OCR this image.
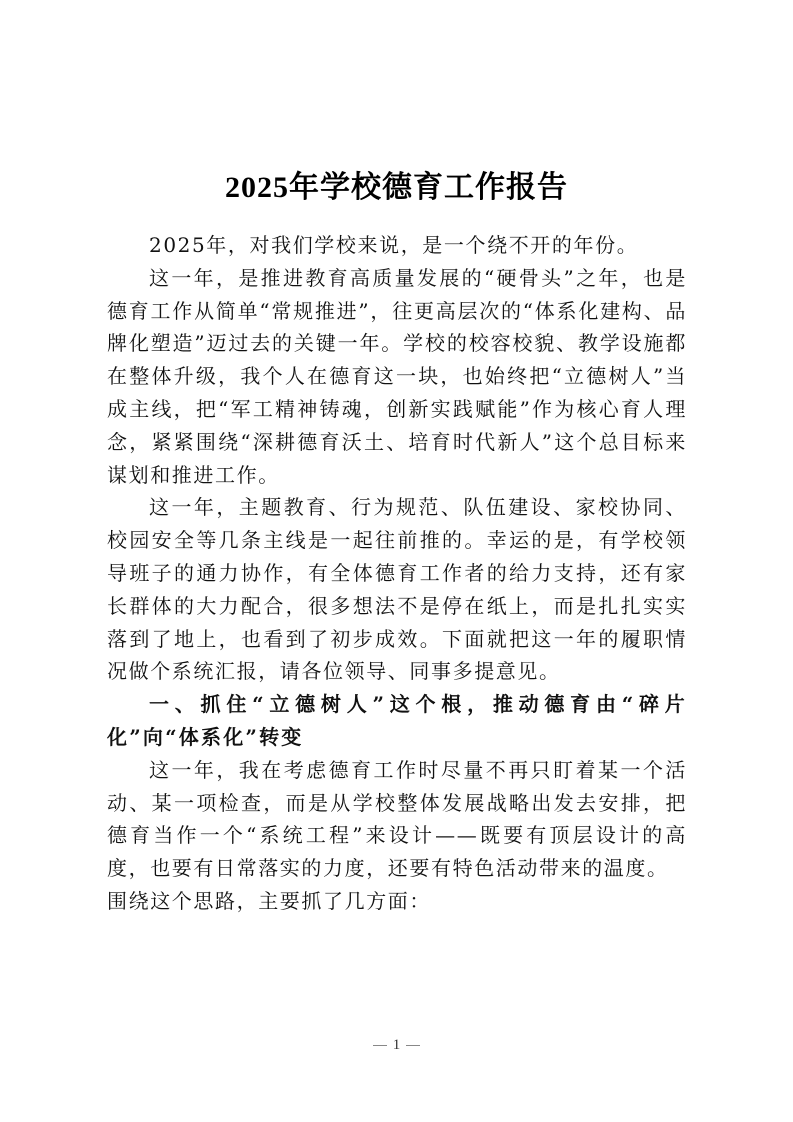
2025年学校德育工作报告

2025年，对我们学校来说，是一个绕不开的年份。

这一年，是推进教育高质量发展的“硬骨头”之年，也是德育工作从简单“常规推进”，往更高层次的“体系化建构、品牌化塑造”迈过去的关键一年。学校的校容校貌、教学设施都在整体升级，我个人在德育这一块，也始终把“立德树人”当成主线，把“军工精神铸魂，创新实践赋能”作为核心育人理念，紧紧围绕“深耕德育沃土、培育时代新人”这个总目标来谋划和推进工作。

这一年，主题教育、行为规范、队伍建设、家校协同、校园安全等几条主线是一起往前推的。幸运的是，有学校领导班子的通力协作，有全体德育工作者的给力支持，还有家长群体的大力配合，很多想法不是停在纸上，而是扎扎实实落到了地上，也看到了初步成效。下面就把这一年的履职情况做个系统汇报，请各位领导、同事多提意见。

一、抓住“立德树人”这个根，推动德育由“碎片化”向“体系化”转变

这一年，我在考虑德育工作时尽量不再只盯着某一个活动、某一项检查，而是从学校整体发展战略出发去安排，把德育当作一个“系统工程”来设计——既要有顶层设计的高度，也要有日常落实的力度，还要有特色活动带来的温度。

围绕这个思路，主要抓了几方面：

1
